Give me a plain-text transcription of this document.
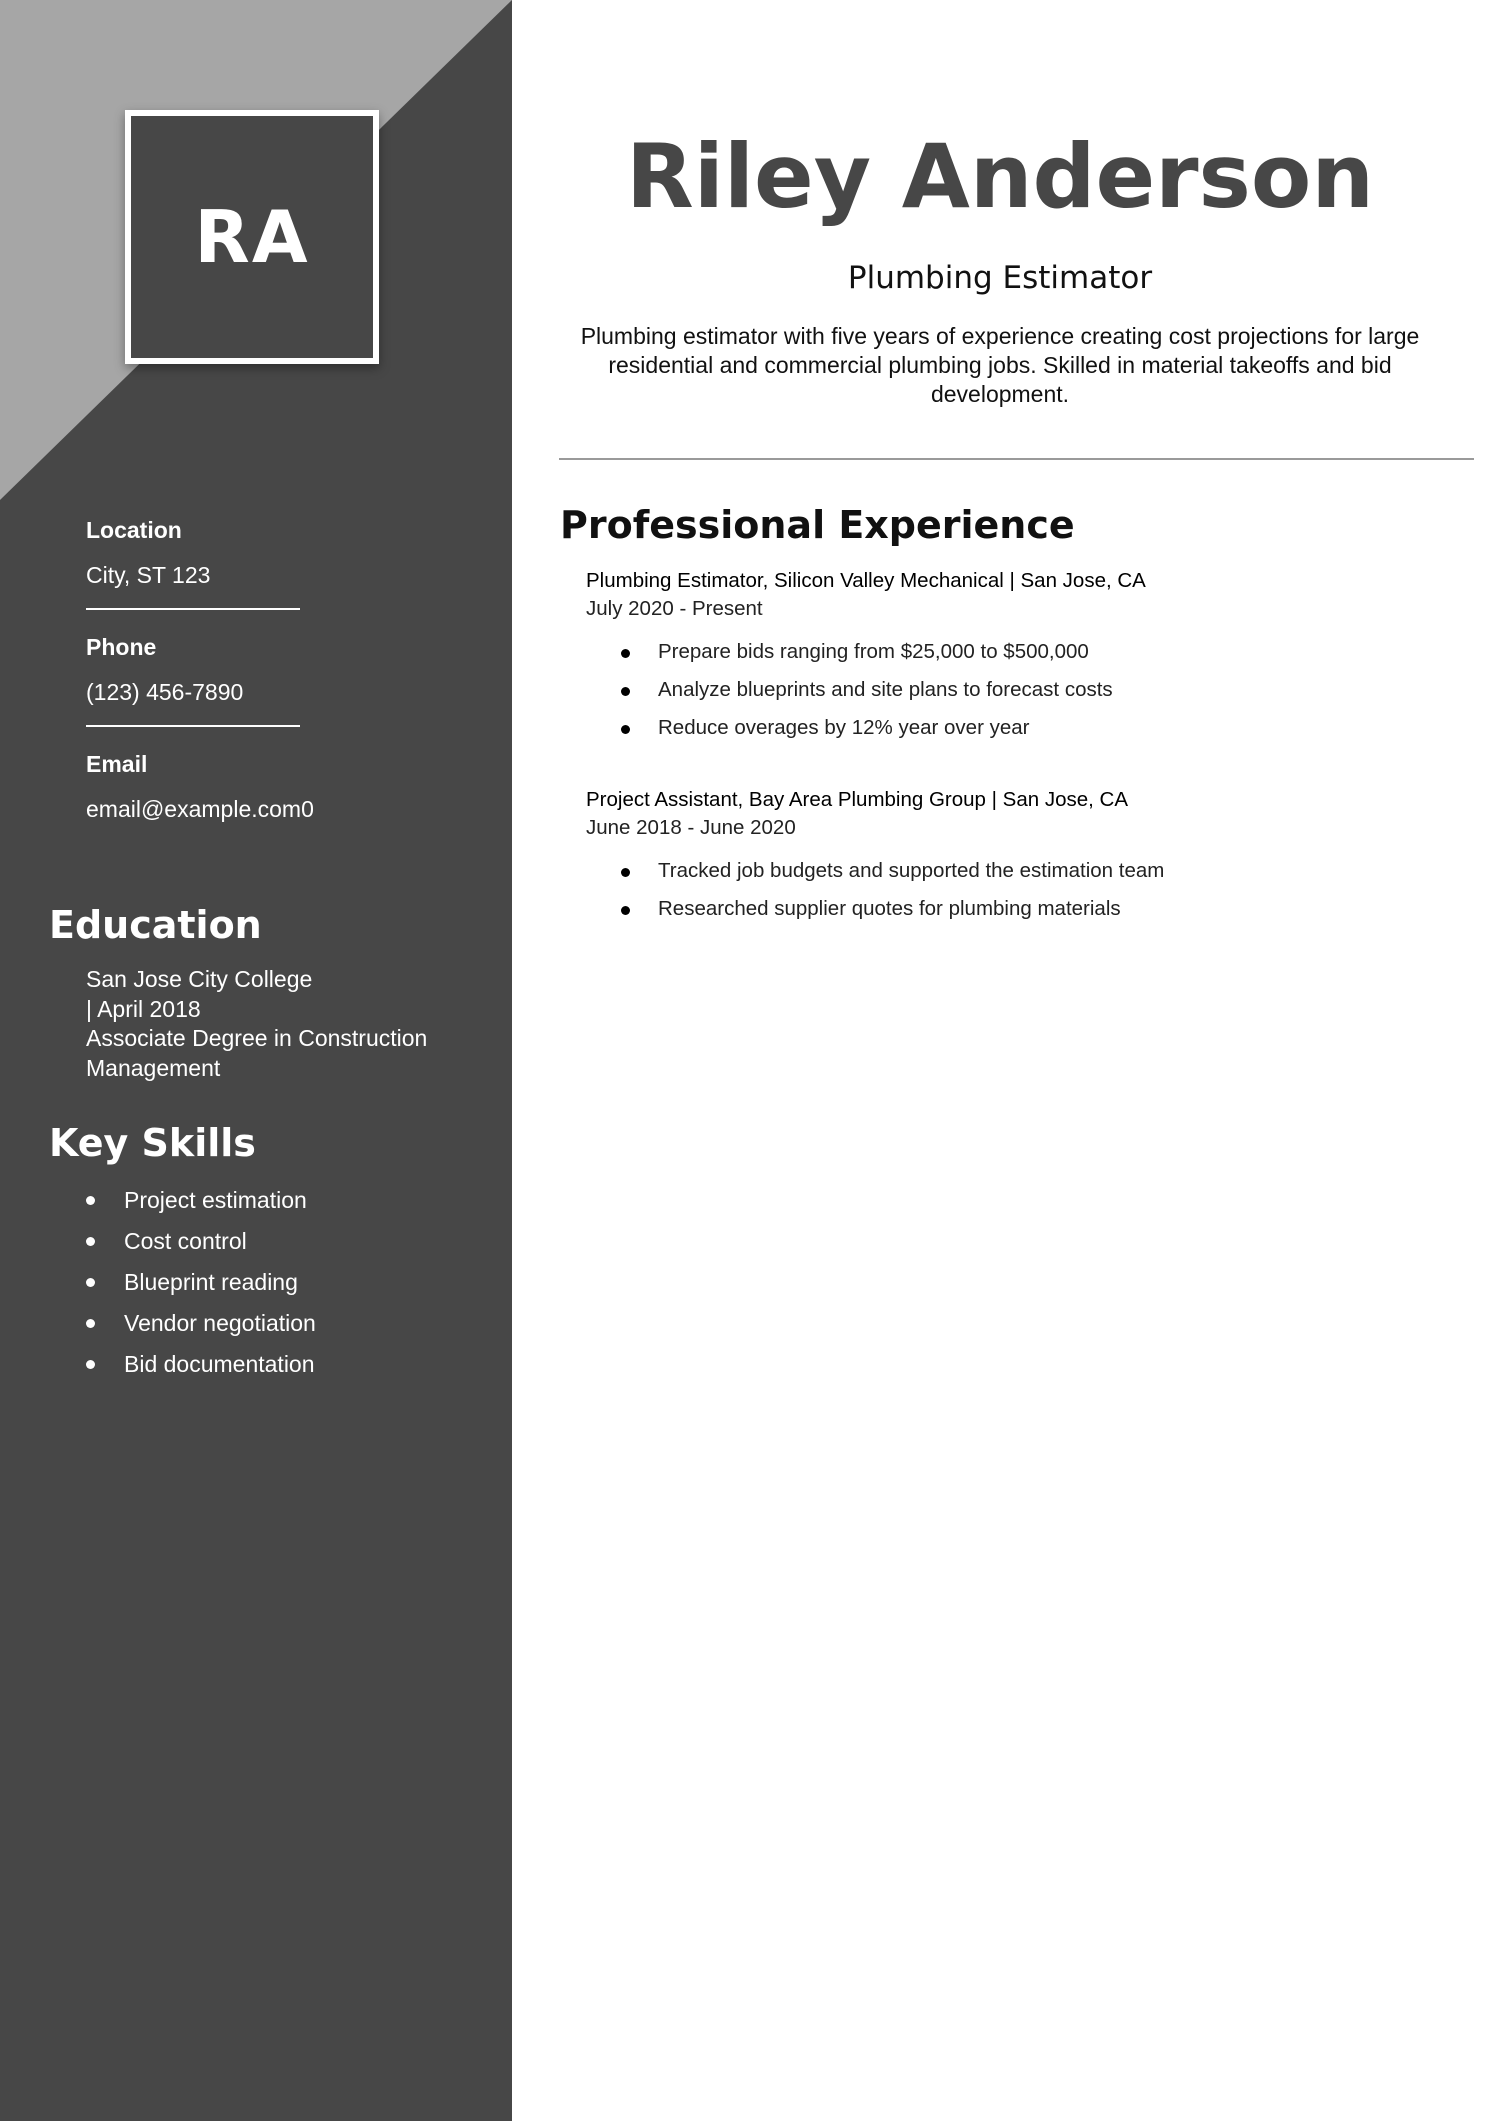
RA
Location
City, ST 123
Phone
(123) 456-7890
Email
email@example.com0
Education
San Jose City College
| April 2018
Associate Degree in Construction Management
Key Skills
Project estimation
Cost control
Blueprint reading
Vendor negotiation
Bid documentation
Riley Anderson
Plumbing Estimator
Plumbing estimator with five years of experience creating cost projections for large residential and commercial plumbing jobs. Skilled in material takeoffs and bid development.
Professional Experience
Plumbing Estimator, Silicon Valley Mechanical | San Jose, CA
July 2020 - Present
Prepare bids ranging from $25,000 to $500,000
Analyze blueprints and site plans to forecast costs
Reduce overages by 12% year over year
Project Assistant, Bay Area Plumbing Group | San Jose, CA
June 2018 - June 2020
Tracked job budgets and supported the estimation team
Researched supplier quotes for plumbing materials
